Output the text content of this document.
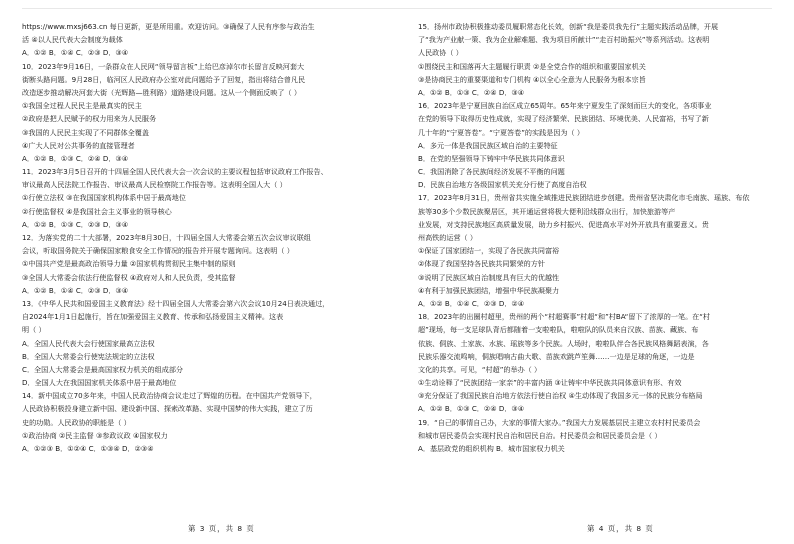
https://www.mxsj663.cn 每日更新，更是所用重。欢迎访问。③确保了人民有序参与政治生
活 ④以人民代表大会制度为载体
A．①② B．①④ C．②③ D．③④
10．2023年9月16日，一条群众在人民网“领导留言板”上给巴彦淖尔市长留言反映河套大
街断头路问题。9月28日，临河区人民政府办公室对此问题给予了回复，指出将结合曾凡民
改造逐步推动解决河套大街（光辉路—胜利路）道路建设问题。这从一个侧面反映了（ ）
①我国全过程人民民主是最真实的民主
②政府是把人民赋予的权力用来为人民服务
③我国的人民民主实现了不同群体全覆盖
④广大人民对公共事务的直接管理者
A．①② B．①③ C．②④ D．③④
11．2023年3月5日召开的十四届全国人民代表大会一次会议的主要议程包括审议政府工作报告、
审议最高人民法院工作报告、审议最高人民检察院工作报告等。这表明全国人大（ ）
①行使立法权 ③在我国国家机构体系中居于最高地位
②行使监督权 ④是我国社会主义事业的领导核心
A．①② B．①③ C．②③ D．③④
12．为落实党的二十大部署，2023年8月30日，十四届全国人大常委会第五次会议审议联组
会议，听取国务院关于确保国家粮食安全工作情况的报告并开展专题询问。这表明（ ）
①中国共产党是最高政治领导力量 ②国家机构贯彻民主集中制的原则
③全国人大常委会依法行使监督权 ④政府对人和人民负责，受其监督
A．①② B．①④ C．②③ D．③④
13．《中华人民共和国爱国主义教育法》经十四届全国人大常委会第六次会议10月24日表决通过，
自2024年1月1日起施行，旨在加强爱国主义教育、传承和弘扬爱国主义精神。这表
明（ ）
A．全国人民代表大会行使国家最高立法权
B．全国人大常委会行使宪法规定的立法权
C．全国人大常委会是最高国家权力机关的组成部分
D．全国人大在我国国家机关体系中居于最高地位
14．新中国成立70多年来，中国人民政治协商会议走过了辉煌的历程。在中国共产党领导下，
人民政协积极投身建立新中国、建设新中国、探索改革路、实现中国梦的伟大实践，建立了历
史的功勋。人民政协的职能是（ ）
①政治协商 ②民主监督 ③参政议政 ④国家权力
A．①②③ B．①②④ C．①③④ D．②③④
15．扬州市政协积极推动委员履职常态化长效，创新“我是委员我先行”主题实践活动品牌，开展
了“我为产业献一策、我为企业解难题、我为项目所献计”“走百村助振兴”等系列活动。这表明
人民政协（ ）
①围绕民主和国落再大主题履行职责 ②是全党合作的组织和重要国家机关
③是协商民主的重要渠道和专门机构 ④以全心全意为人民服务为根本宗旨
A．①② B．①③ C．②④ D．③④
16．2023年是宁夏回族自治区成立65周年。65年来宁夏发生了深刻而巨大的变化，各项事业
在党的领导下取得历史性成就，实现了经济繁荣、民族团结、环境优美、人民富裕，书写了新
几十年的“宁夏答卷”。“宁夏答卷”的实践是因为（ ）
A．多元一体是我国民族区域自治的主要特征
B．在党的坚强领导下铸牢中华民族共同体意识
C．我国消除了各民族间经济发展不平衡的问题
D．民族自治地方各级国家机关充分行使了高度自治权
17．2023年8月31日，贵州省共实施全域推进民族团结进步创建。贵州省坚决肃化市毛南族、瑶族、布依
族等30多个少数民族聚居区，其开通运营将极大便利沿线群众出行，加快旅游等产
业发展，对支持民族地区高质量发展，助力乡村振兴、促进高水平对外开放具有重要意义。贵
州高铁的运营（ ）
①保证了国家团结一，实现了各民族共同富裕
②体现了我国坚持各民族共同繁荣的方针
③说明了民族区域自治制度具有巨大的优越性
④有利于加强民族团结，增强中华民族凝聚力
A．①② B．①④ C．②③ D．②④
18．2023年的出圈村超里，贵州的两个“村超赛事”村超“和”村BA“留下了浓厚的一笔。在“村
超”现场，每一支足球队背后都随着一支啦啦队，啦啦队的队员来自汉族、苗族、藏族、布
依族、侗族、土家族、水族、瑶族等多个民族。人场时，啦啦队伴合各民族风格舞蹈表演，各
民族乐器交流鸣响，侗族唱响古曲大歌、苗族欢跳芦笙舞……一边是足球的角逐，一边是
文化的共享。可见，“村超”的举办（ ）
①生动诠释了“民族团结一家亲”的丰富内涵 ③让铸牢中华民族共同体意识有形、有效
③充分保证了我国民族自治地方依法行使自治权 ④生动体现了我国多元一体的民族分布格局
A．①② B．①③ C．②④ D．③④
19．“自己的事情自己办，大家的事情大家办。”我国大力发展基层民主建立农村村民委员会
和城市居民委员会实现村民自治和居民自治。村民委员会和居民委员会是（ ）
A．基层政党的组织机构 B．城市国家权力机关
第 3 页，共 8 页	第 4 页，共 8 页
